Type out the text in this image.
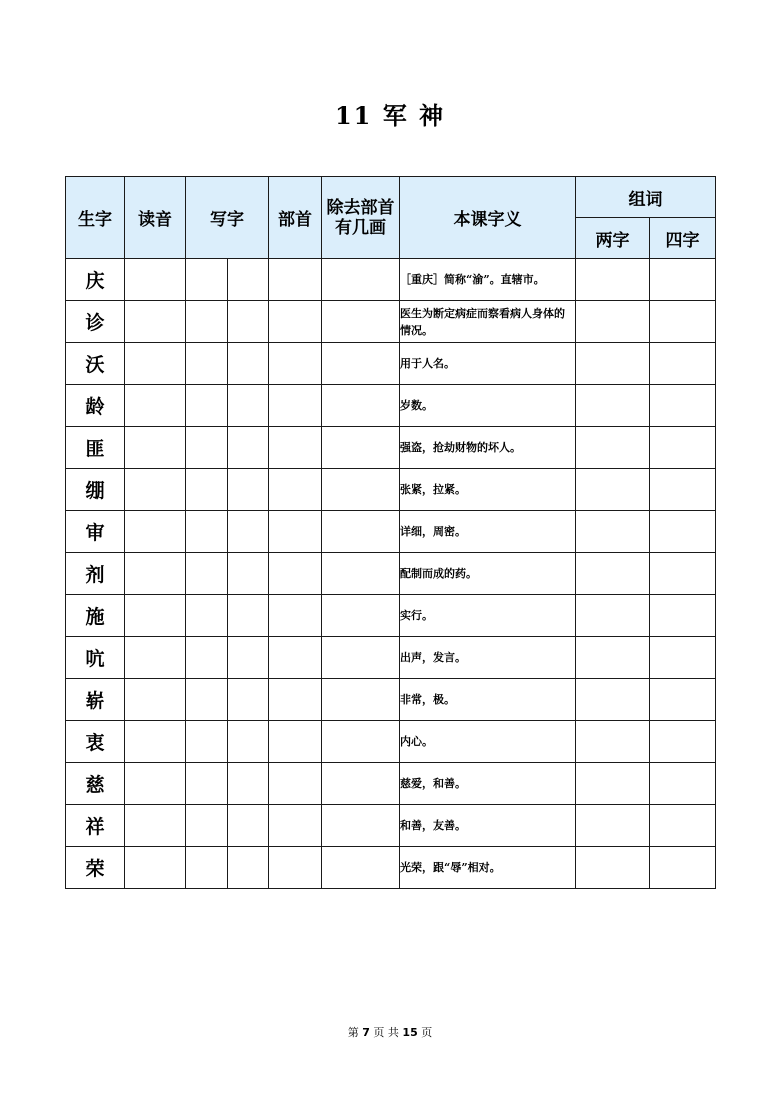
11 军 神
生字	读音	写字		部首	除去部首有几画	本课字义	组词	
							两字	四字
庆						［重庆］简称“渝”。直辖市。		
诊						医生为断定病症而察看病人身体的情况。		
沃						用于人名。		
龄						岁数。		
匪						强盗，抢劫财物的坏人。		
绷						张紧，拉紧。		
审						详细，周密。		
剂						配制而成的药。		
施						实行。		
吭						出声，发言。		
崭						非常，极。		
衷						内心。		
慈						慈爱，和善。		
祥						和善，友善。		
荣						光荣，跟“辱”相对。		
第 7 页 共 15 页
